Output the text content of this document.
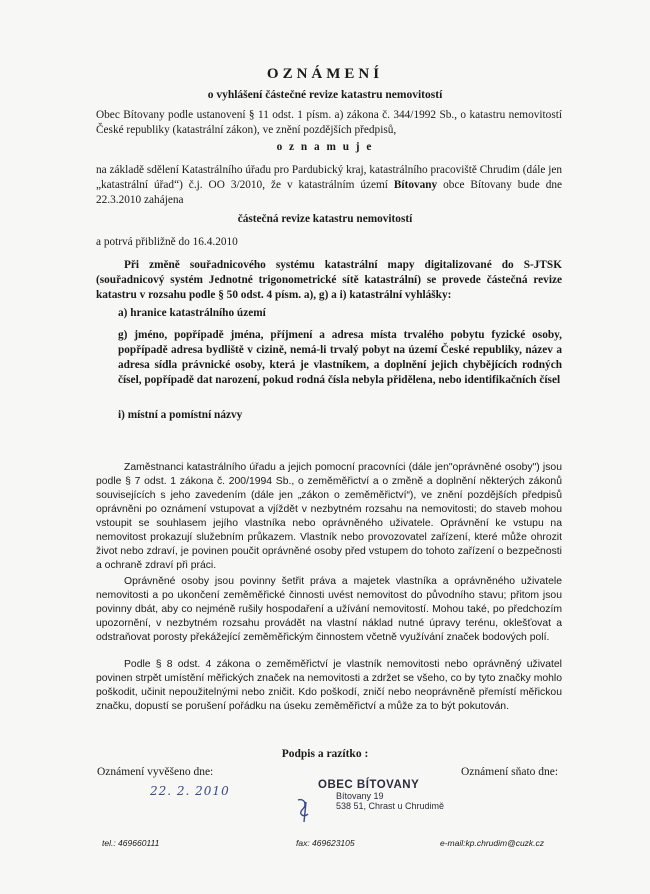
OZNÁMENÍ
o vyhlášení částečné revize katastru nemovitostí
Obec Bítovany podle ustanovení § 11 odst. 1 písm. a) zákona č. 344/1992 Sb., o katastru nemovitostí České republiky (katastrální zákon), ve znění pozdějších předpisů,
o z n a m u j e
na základě sdělení Katastrálního úřadu pro Pardubický kraj, katastrálního pracoviště Chrudim (dále jen „katastrální úřad“) č.j. OO 3/2010, že v katastrálním území Bítovany obce Bítovany bude dne 22.3.2010 zahájena
částečná revize katastru nemovitostí
a potrvá přibližně do 16.4.2010
Při změně souřadnicového systému katastrální mapy digitalizované do S-JTSK (souřadnicový systém Jednotné trigonometrické sítě katastrální) se provede částečná revize katastru v rozsahu podle § 50 odst. 4 písm. a), g) a i) katastrální vyhlášky:
a) hranice katastrálního území
g) jméno, popřípadě jména, příjmení a adresa místa trvalého pobytu fyzické osoby, popřípadě adresa bydliště v cizině, nemá-li trvalý pobyt na území České republiky, název a adresa sídla právnické osoby, která je vlastníkem, a doplnění jejich chybějících rodných čísel, popřípadě dat narození, pokud rodná čísla nebyla přidělena, nebo identifikačních čísel
i) místní a pomístní názvy
Zaměstnanci katastrálního úřadu a jejich pomocní pracovníci (dále jen"oprávněné osoby") jsou podle § 7 odst. 1 zákona č. 200/1994 Sb., o zeměměřictví a o změně a doplnění některých zákonů souvisejících s jeho zavedením (dále jen „zákon o zeměměřictví“), ve znění pozdějších předpisů oprávněni po oznámení vstupovat a vjíždět v nezbytném rozsahu na nemovitosti; do staveb mohou vstoupit se souhlasem jejího vlastníka nebo oprávněného uživatele. Oprávnění ke vstupu na nemovitost prokazují služebním průkazem. Vlastník nebo provozovatel zařízení, které může ohrozit život nebo zdraví, je povinen poučit oprávněné osoby před vstupem do tohoto zařízení o bezpečnosti a ochraně zdraví při práci.
Oprávněné osoby jsou povinny šetřit práva a majetek vlastníka a oprávněného uživatele nemovitosti a po ukončení zeměměřické činnosti uvést nemovitost do původního stavu; přitom jsou povinny dbát, aby co nejméně rušily hospodaření a užívání nemovitostí. Mohou také, po předchozím upozornění, v nezbytném rozsahu provádět na vlastní náklad nutné úpravy terénu, oklešťovat a odstraňovat porosty překážející zeměměřickým činnostem včetně využívání značek bodových polí.
Podle § 8 odst. 4 zákona o zeměměřictví je vlastník nemovitosti nebo oprávněný uživatel povinen strpět umístění měřických značek na nemovitosti a zdržet se všeho, co by tyto značky mohlo poškodit, učinit nepoužitelnými nebo zničit. Kdo poškodí, zničí nebo neoprávněně přemístí měřickou značku, dopustí se porušení pořádku na úseku zeměměřictví a může za to být pokutován.
Podpis a razítko :
Oznámení vyvěšeno dne:	Oznámení sňato dne:
22. 2. 2010	OBEC BÍTOVANY
Bítovany 19
538 51, Chrast u Chrudimě
tel.: 469660111	fax: 469623105	e-mail:kp.chrudim@cuzk.cz
